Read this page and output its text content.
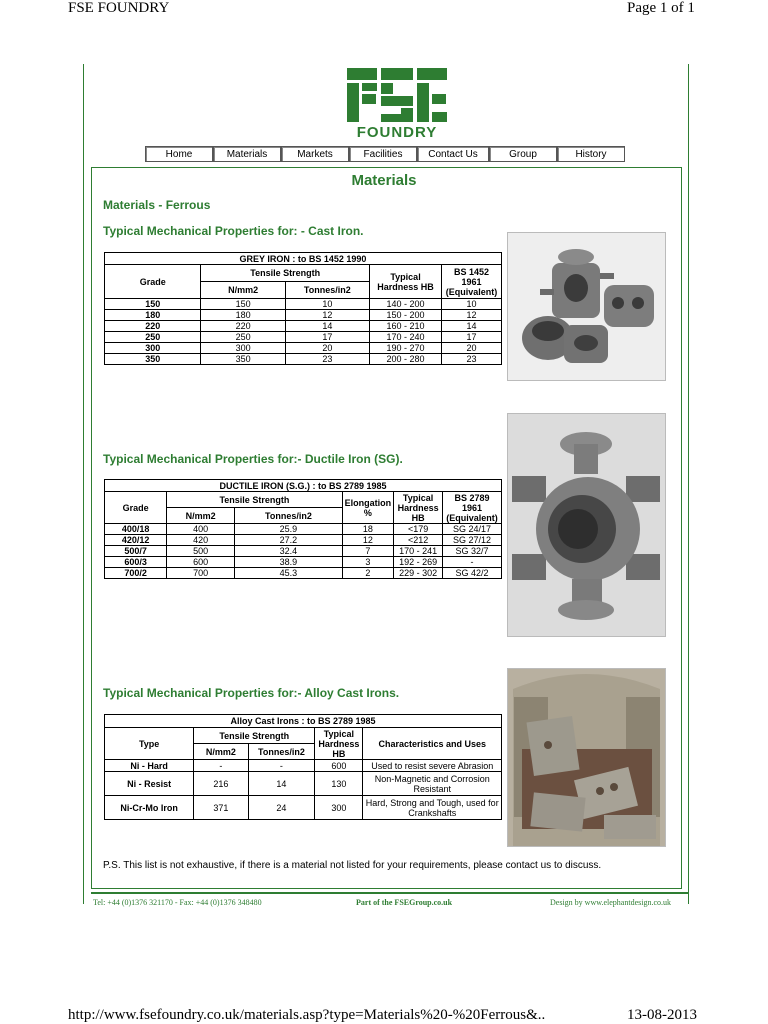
FSE FOUNDRY	Page 1 of 1
http://www.fsefoundry.co.uk/materials.asp?type=Materials%20-%20Ferrous&..	13-08-2013
FOUNDRY
Home	Materials	Markets	Facilities	Contact Us	Group	History
Materials
Materials - Ferrous
Typical Mechanical Properties for: - Cast Iron.
GREY IRON : to BS 1452 1990				
Grade	Tensile Strength		Typical Hardness HB	BS 1452 1961 (Equivalent)
	N/mm2	Tonnes/in2		
150	150	10	140 - 200	10
180	180	12	150 - 200	12
220	220	14	160 - 210	14
250	250	17	170 - 240	17
300	300	20	190 - 270	20
350	350	23	200 - 280	23
Typical Mechanical Properties for:- Ductile Iron (SG).
DUCTILE IRON (S.G.) : to BS 2789 1985					
Grade	Tensile Strength		Elongation %	Typical Hardness HB	BS 2789 1961 (Equivalent)
	N/mm2	Tonnes/in2			
400/18	400	25.9	18	<179	SG 24/17
420/12	420	27.2	12	<212	SG 27/12
500/7	500	32.4	7	170 - 241	SG 32/7
600/3	600	38.9	3	192 - 269	-
700/2	700	45.3	2	229 - 302	SG 42/2
Typical Mechanical Properties for:- Alloy Cast Irons.
Alloy Cast Irons : to BS 2789 1985				
Type	Tensile Strength		Typical Hardness HB	Characteristics and Uses
	N/mm2	Tonnes/in2		
Ni - Hard	-	-	600	Used to resist severe Abrasion
Ni - Resist	216	14	130	Non-Magnetic and Corrosion Resistant
Ni-Cr-Mo Iron	371	24	300	Hard, Strong and Tough, used for Crankshafts
P.S. This list is not exhaustive, if there is a material not listed for your requirements, please contact us to discuss.
Tel: +44 (0)1376 321170 - Fax: +44 (0)1376 348480	Part of the FSEGroup.co.uk	Design by www.elephantdesign.co.uk
